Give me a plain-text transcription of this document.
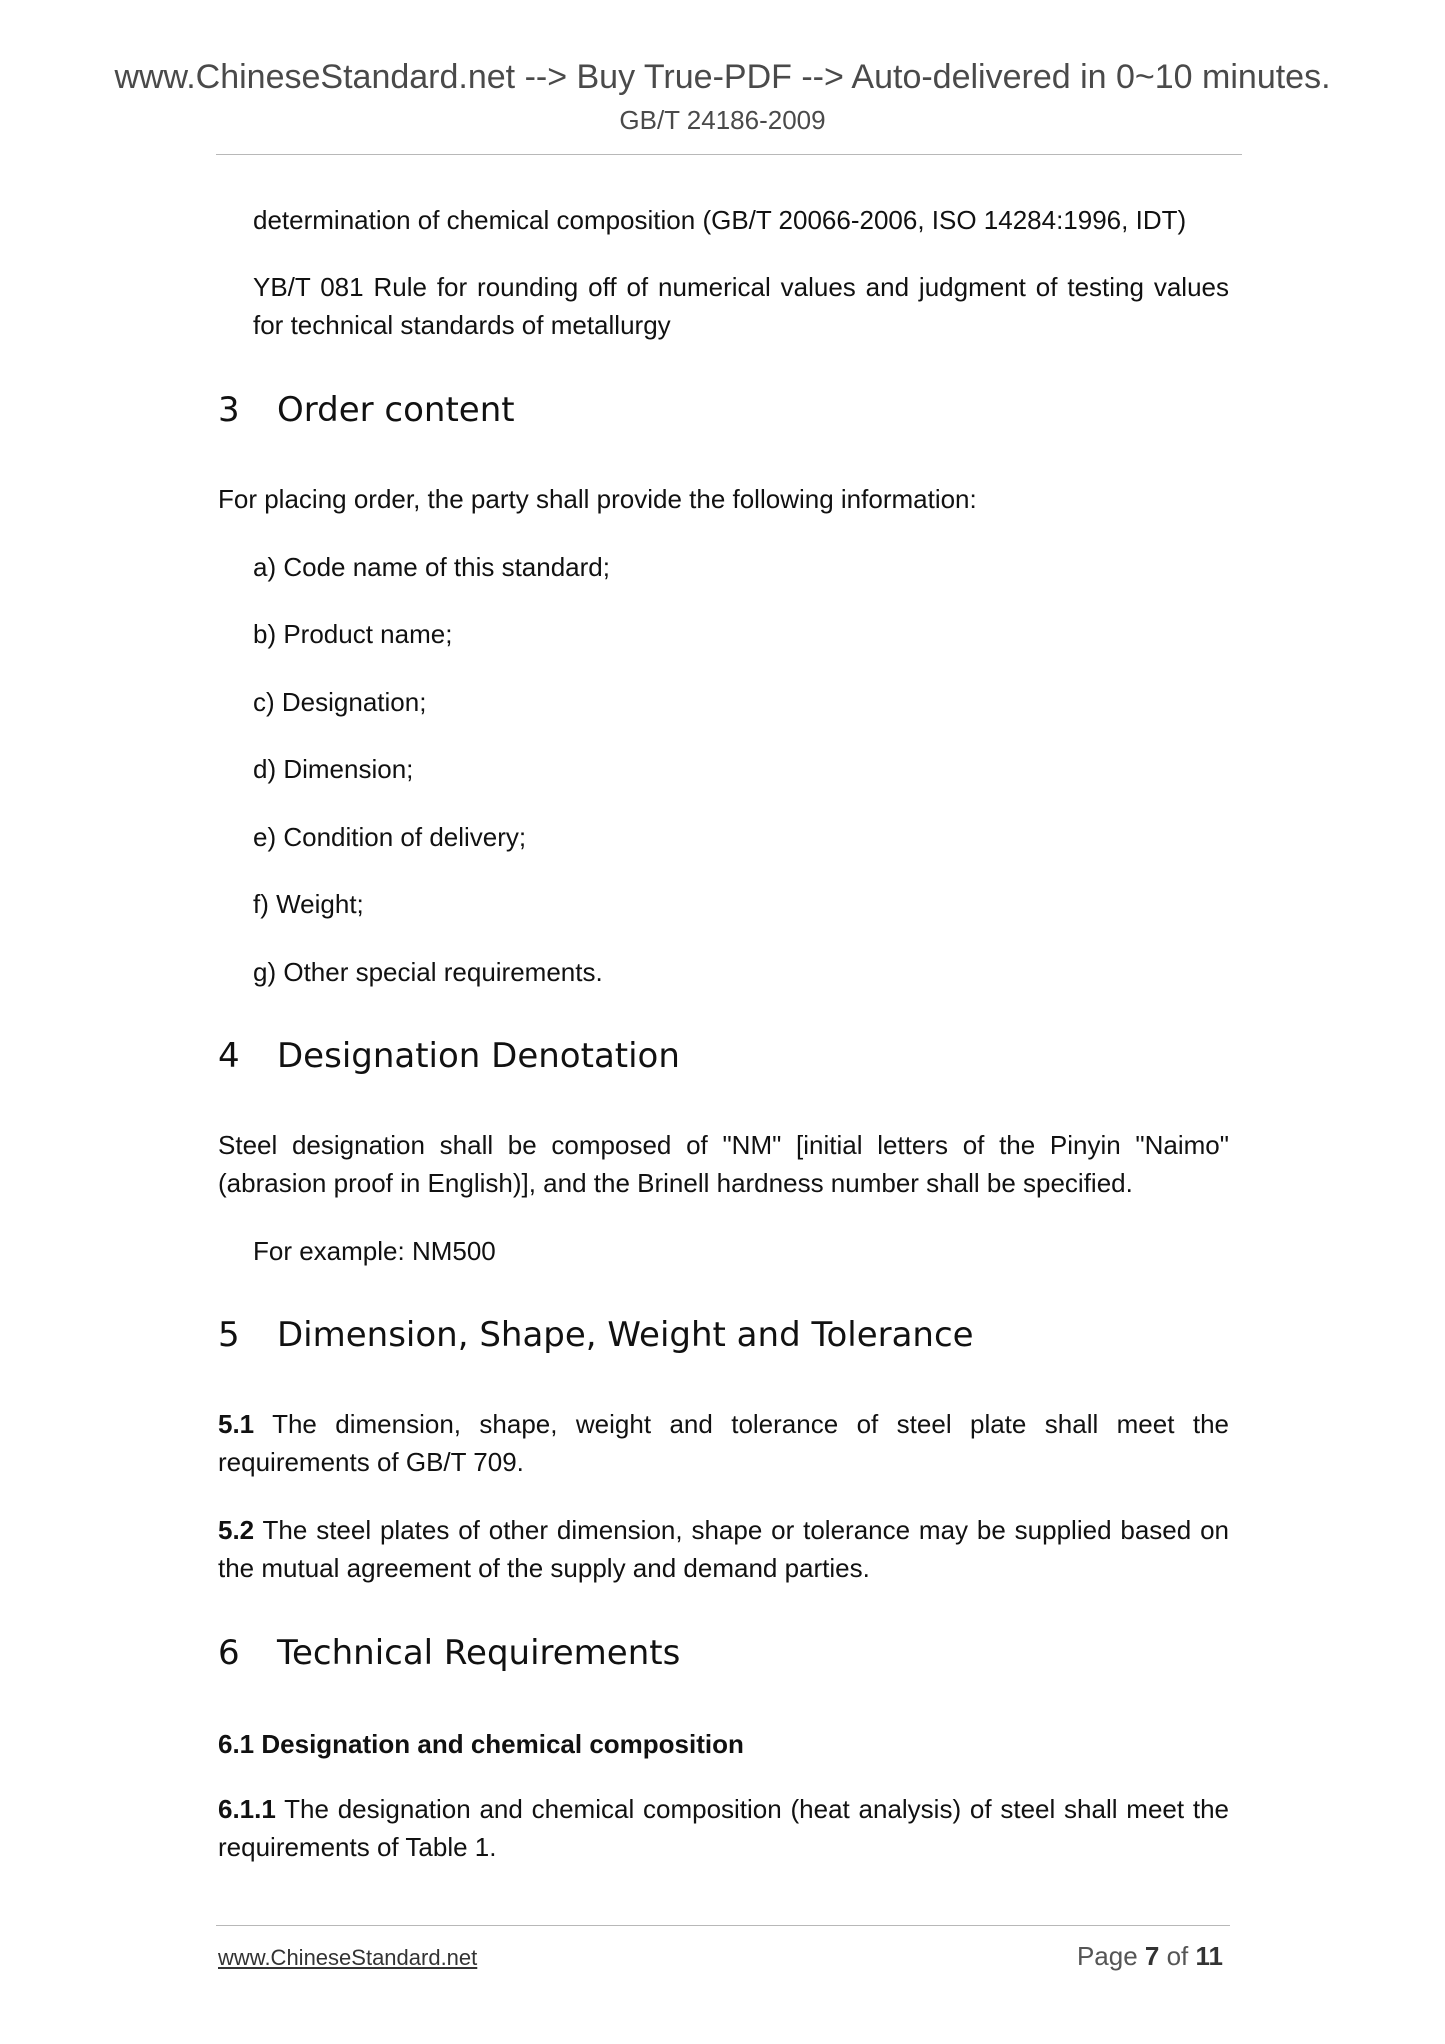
www.ChineseStandard.net --> Buy True-PDF --> Auto-delivered in 0~10 minutes.
GB/T 24186-2009

determination of chemical composition (GB/T 20066-2006, ISO 14284:1996, IDT)

YB/T 081 Rule for rounding off of numerical values and judgment of testing values for technical standards of metallurgy

3 Order content

For placing order, the party shall provide the following information:

a) Code name of this standard;

b) Product name;

c) Designation;

d) Dimension;

e) Condition of delivery;

f) Weight;

g) Other special requirements.

4 Designation Denotation

Steel designation shall be composed of "NM" [initial letters of the Pinyin "Naimo" (abrasion proof in English)], and the Brinell hardness number shall be specified.

For example: NM500

5 Dimension, Shape, Weight and Tolerance

5.1 The dimension, shape, weight and tolerance of steel plate shall meet the requirements of GB/T 709.

5.2 The steel plates of other dimension, shape or tolerance may be supplied based on the mutual agreement of the supply and demand parties.

6 Technical Requirements
6.1 Designation and chemical composition

6.1.1 The designation and chemical composition (heat analysis) of steel shall meet the requirements of Table 1.

www.ChineseStandard.net	Page 7 of 11
